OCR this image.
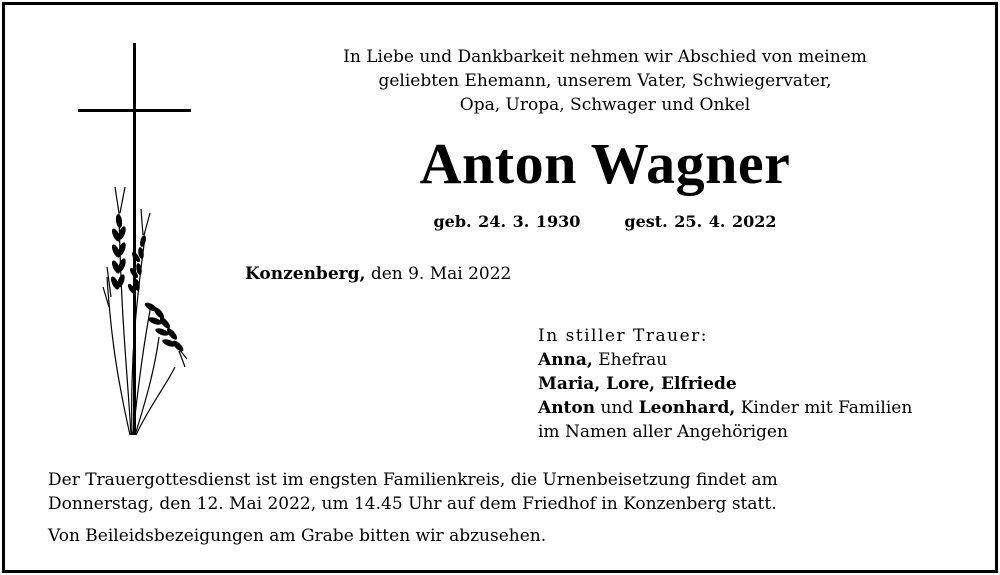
In Liebe und Dankbarkeit nehmen wir Abschied von meinem

geliebten Ehemann, unserem Vater, Schwiegervater,

Opa, Uropa, Schwager und Onkel

Anton Wagner
geb. 24. 3. 1930	gest. 25. 4. 2022
Konzenberg, den 9. Mai 2022

In stiller Trauer:

Anna, Ehefrau

Maria, Lore, Elfriede

Anton und Leonhard, Kinder mit Familien

im Namen aller Angehörigen

Der Trauergottesdienst ist im engsten Familienkreis, die Urnenbeisetzung findet am

Donnerstag, den 12. Mai 2022, um 14.45 Uhr auf dem Friedhof in Konzenberg statt.

Von Beileidsbezeigungen am Grabe bitten wir abzusehen.
